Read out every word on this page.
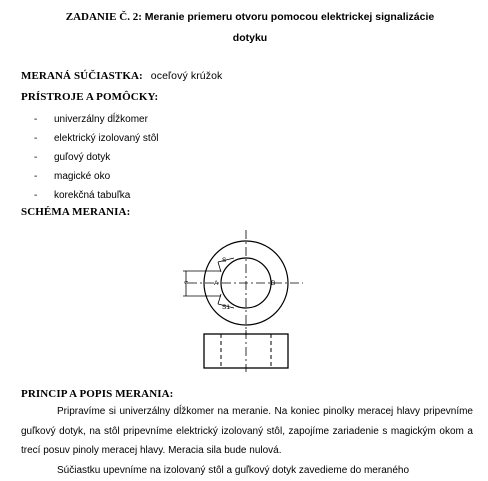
ZADANIE Č. 2: Meranie priemeru otvoru pomocou elektrickej signalizácie
dotyku
MERANÁ SÚČIASTKA: oceľový krúžok
PRÍSTROJE A POMÔCKY:
- univerzálny dĺžkomer
- elektrický izolovaný stôl
- guľový dotyk
- magické oko
- korekčná tabuľka
SCHÉMA MERANIA:
A	B
S
S1
s
PRINCIP A POPIS MERANIA:
Pripravíme si univerzálny dĺžkomer na meranie. Na koniec pinolky meracej hlavy pripevníme guľkový dotyk, na stôl pripevníme elektrický izolovaný stôl, zapojíme zariadenie s magickým okom a trecí posuv pinoly meracej hlavy. Meracia sila bude nulová.
Súčiastku upevníme na izolovaný stôl a guľkový dotyk zavedieme do meraného
